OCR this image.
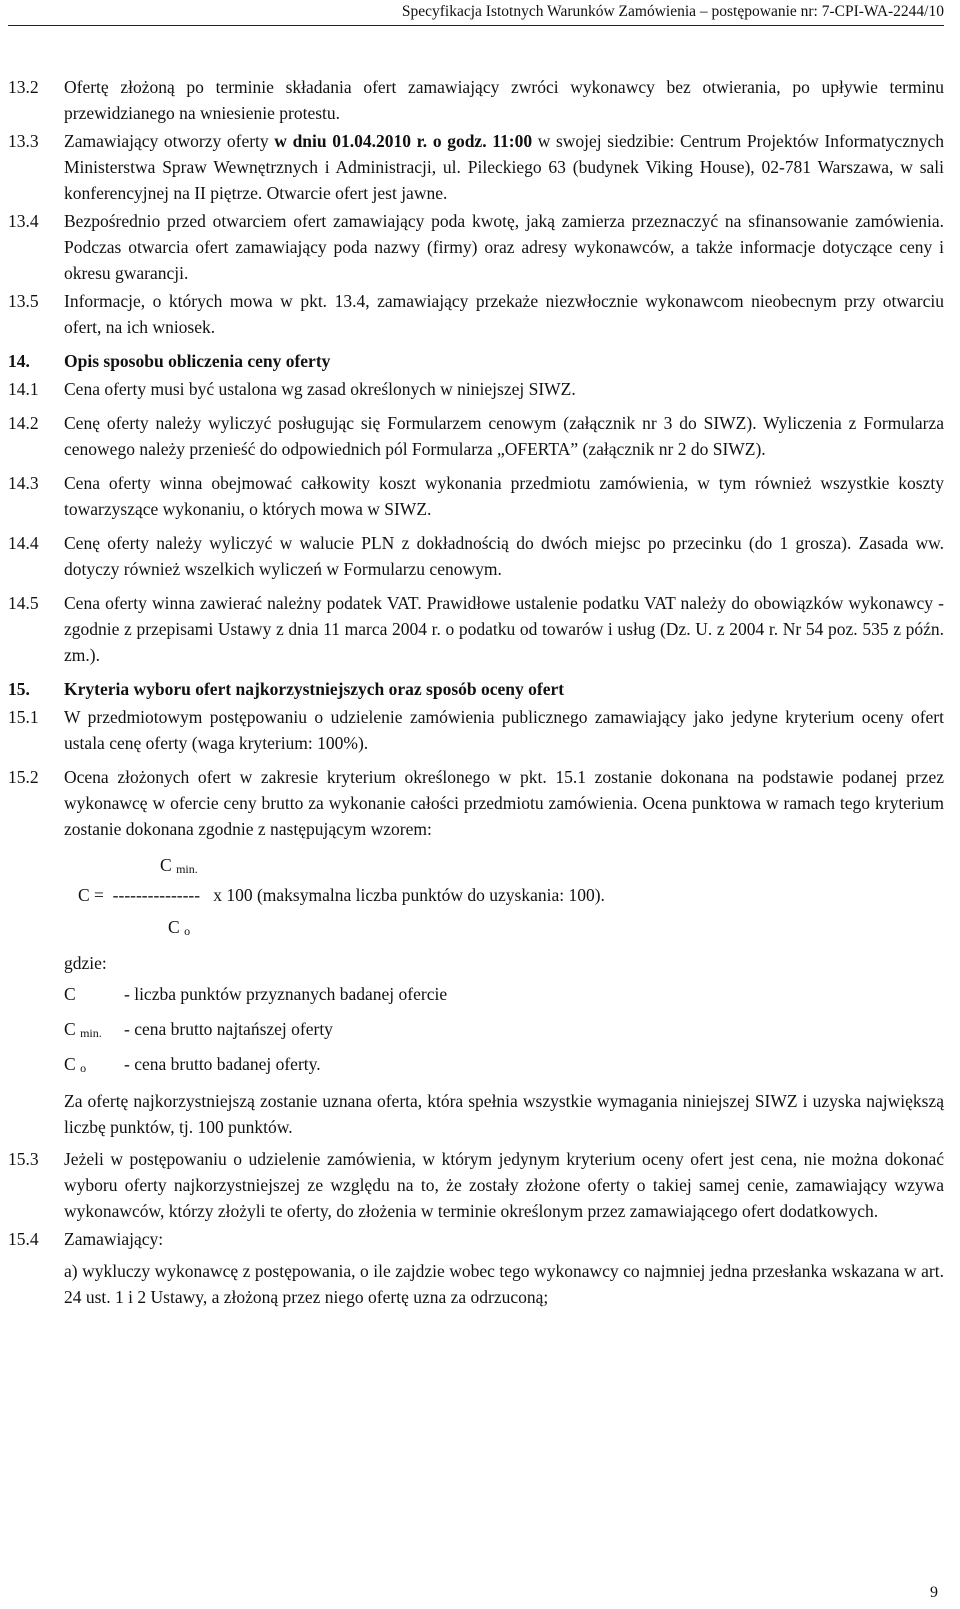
Specyfikacja Istotnych Warunków Zamówienia – postępowanie nr: 7-CPI-WA-2244/10
13.2	Ofertę złożoną po terminie składania ofert zamawiający zwróci wykonawcy bez otwierania, po upływie terminu przewidzianego na wniesienie protestu.
13.3	Zamawiający otworzy oferty w dniu 01.04.2010 r. o godz. 11:00 w swojej siedzibie: Centrum Projektów Informatycznych Ministerstwa Spraw Wewnętrznych i Administracji, ul. Pileckiego 63 (budynek Viking House), 02-781 Warszawa, w sali konferencyjnej na II piętrze. Otwarcie ofert jest jawne.
13.4	Bezpośrednio przed otwarciem ofert zamawiający poda kwotę, jaką zamierza przeznaczyć na sfinansowanie zamówienia. Podczas otwarcia ofert zamawiający poda nazwy (firmy) oraz adresy wykonawców, a także informacje dotyczące ceny i okresu gwarancji.
13.5	Informacje, o których mowa w pkt. 13.4, zamawiający przekaże niezwłocznie wykonawcom nieobecnym przy otwarciu ofert, na ich wniosek.
14.	Opis sposobu obliczenia ceny oferty
14.1	Cena oferty musi być ustalona wg zasad określonych w niniejszej SIWZ.
14.2	Cenę oferty należy wyliczyć posługując się Formularzem cenowym (załącznik nr 3 do SIWZ). Wyliczenia z Formularza cenowego należy przenieść do odpowiednich pól Formularza „OFERTA” (załącznik nr 2 do SIWZ).
14.3	Cena oferty winna obejmować całkowity koszt wykonania przedmiotu zamówienia, w tym również wszystkie koszty towarzyszące wykonaniu, o których mowa w SIWZ.
14.4	Cenę oferty należy wyliczyć w walucie PLN z dokładnością do dwóch miejsc po przecinku (do 1 grosza). Zasada ww. dotyczy również wszelkich wyliczeń w Formularzu cenowym.
14.5	Cena oferty winna zawierać należny podatek VAT. Prawidłowe ustalenie podatku VAT należy do obowiązków wykonawcy - zgodnie z przepisami Ustawy z dnia 11 marca 2004 r. o podatku od towarów i usług (Dz. U. z 2004 r. Nr 54 poz. 535 z późn. zm.).
15.	Kryteria wyboru ofert najkorzystniejszych oraz sposób oceny ofert
15.1	W przedmiotowym postępowaniu o udzielenie zamówienia publicznego zamawiający jako jedyne kryterium oceny ofert ustala cenę oferty (waga kryterium: 100%).
15.2	Ocena złożonych ofert w zakresie kryterium określonego w pkt. 15.1 zostanie dokonana na podstawie podanej przez wykonawcę w ofercie ceny brutto za wykonanie całości przedmiotu zamówienia. Ocena punktowa w ramach tego kryterium zostanie dokonana zgodnie z następującym wzorem:
C min.
C =  ---------------   x 100 (maksymalna liczba punktów do uzyskania: 100).
C o
gdzie:
C	- liczba punktów przyznanych badanej ofercie
C min.	- cena brutto najtańszej oferty
C o	- cena brutto badanej oferty.
Za ofertę najkorzystniejszą zostanie uznana oferta, która spełnia wszystkie wymagania niniejszej SIWZ i uzyska największą liczbę punktów, tj. 100 punktów.
15.3	Jeżeli w postępowaniu o udzielenie zamówienia, w którym jedynym kryterium oceny ofert jest cena, nie można dokonać wyboru oferty najkorzystniejszej ze względu na to, że zostały złożone oferty o takiej samej cenie, zamawiający wzywa wykonawców, którzy złożyli te oferty, do złożenia w terminie określonym przez zamawiającego ofert dodatkowych.
15.4	Zamawiający:
a) wykluczy wykonawcę z postępowania, o ile zajdzie wobec tego wykonawcy co najmniej jedna przesłanka wskazana w art. 24 ust. 1 i 2 Ustawy, a złożoną przez niego ofertę uzna za odrzuconą;
9
